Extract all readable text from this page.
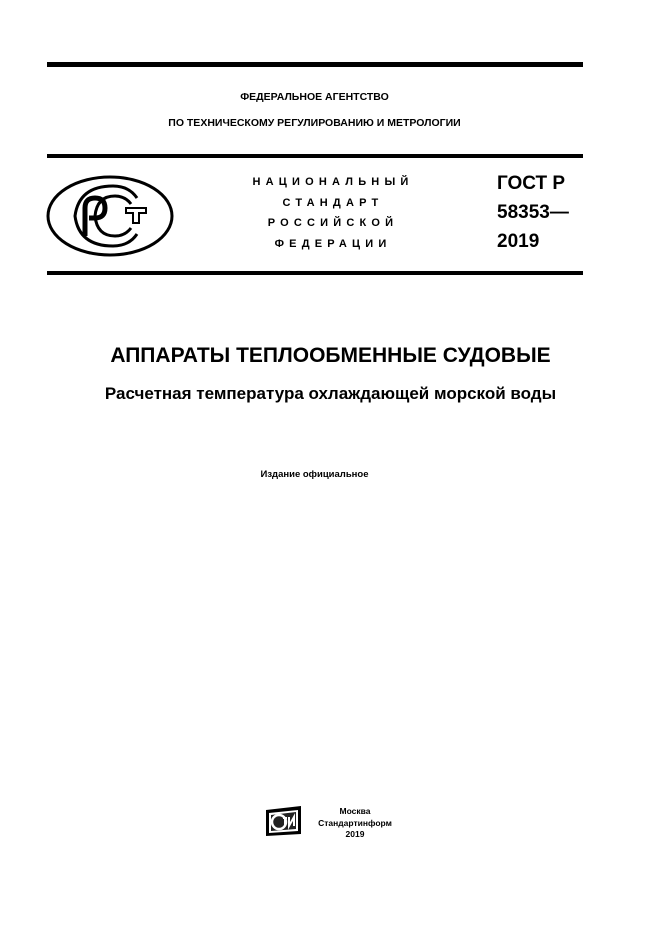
ФЕДЕРАЛЬНОЕ АГЕНТСТВО
ПО ТЕХНИЧЕСКОМУ РЕГУЛИРОВАНИЮ И МЕТРОЛОГИИ
НАЦИОНАЛЬНЫЙ
СТАНДАРТ
РОССИЙСКОЙ
ФЕДЕРАЦИИ
ГОСТ Р
58353—
2019
АППАРАТЫ ТЕПЛООБМЕННЫЕ СУДОВЫЕ
Расчетная температура охлаждающей морской воды
Издание официальное
Москва
Стандартинформ
2019
